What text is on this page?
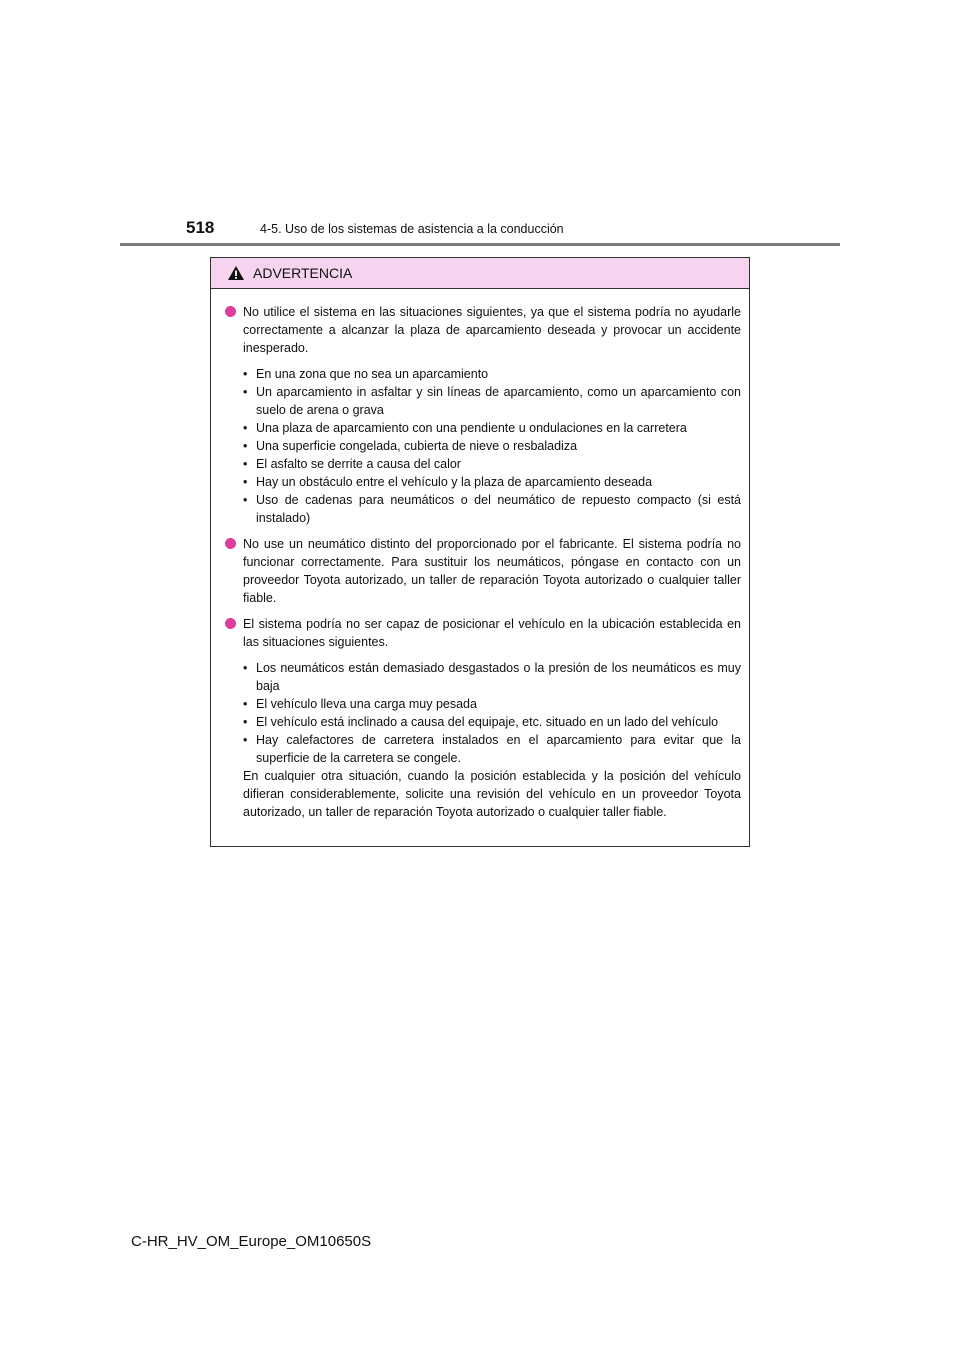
518	4-5. Uso de los sistemas de asistencia a la conducción
ADVERTENCIA
No utilice el sistema en las situaciones siguientes, ya que el sistema podría no ayudarle correctamente a alcanzar la plaza de aparcamiento deseada y provocar un accidente inesperado.
• En una zona que no sea un aparcamiento
• Un aparcamiento in asfaltar y sin líneas de aparcamiento, como un aparcamiento con suelo de arena o grava
• Una plaza de aparcamiento con una pendiente u ondulaciones en la carretera
• Una superficie congelada, cubierta de nieve o resbaladiza
• El asfalto se derrite a causa del calor
• Hay un obstáculo entre el vehículo y la plaza de aparcamiento deseada
• Uso de cadenas para neumáticos o del neumático de repuesto compacto (si está instalado)
No use un neumático distinto del proporcionado por el fabricante. El sistema podría no funcionar correctamente. Para sustituir los neumáticos, póngase en contacto con un proveedor Toyota autorizado, un taller de reparación Toyota autorizado o cualquier taller fiable.
El sistema podría no ser capaz de posicionar el vehículo en la ubicación establecida en las situaciones siguientes.
• Los neumáticos están demasiado desgastados o la presión de los neumáticos es muy baja
• El vehículo lleva una carga muy pesada
• El vehículo está inclinado a causa del equipaje, etc. situado en un lado del vehículo
• Hay calefactores de carretera instalados en el aparcamiento para evitar que la superficie de la carretera se congele.
En cualquier otra situación, cuando la posición establecida y la posición del vehículo difieran considerablemente, solicite una revisión del vehículo en un proveedor Toyota autorizado, un taller de reparación Toyota autorizado o cualquier taller fiable.
C-HR_HV_OM_Europe_OM10650S
